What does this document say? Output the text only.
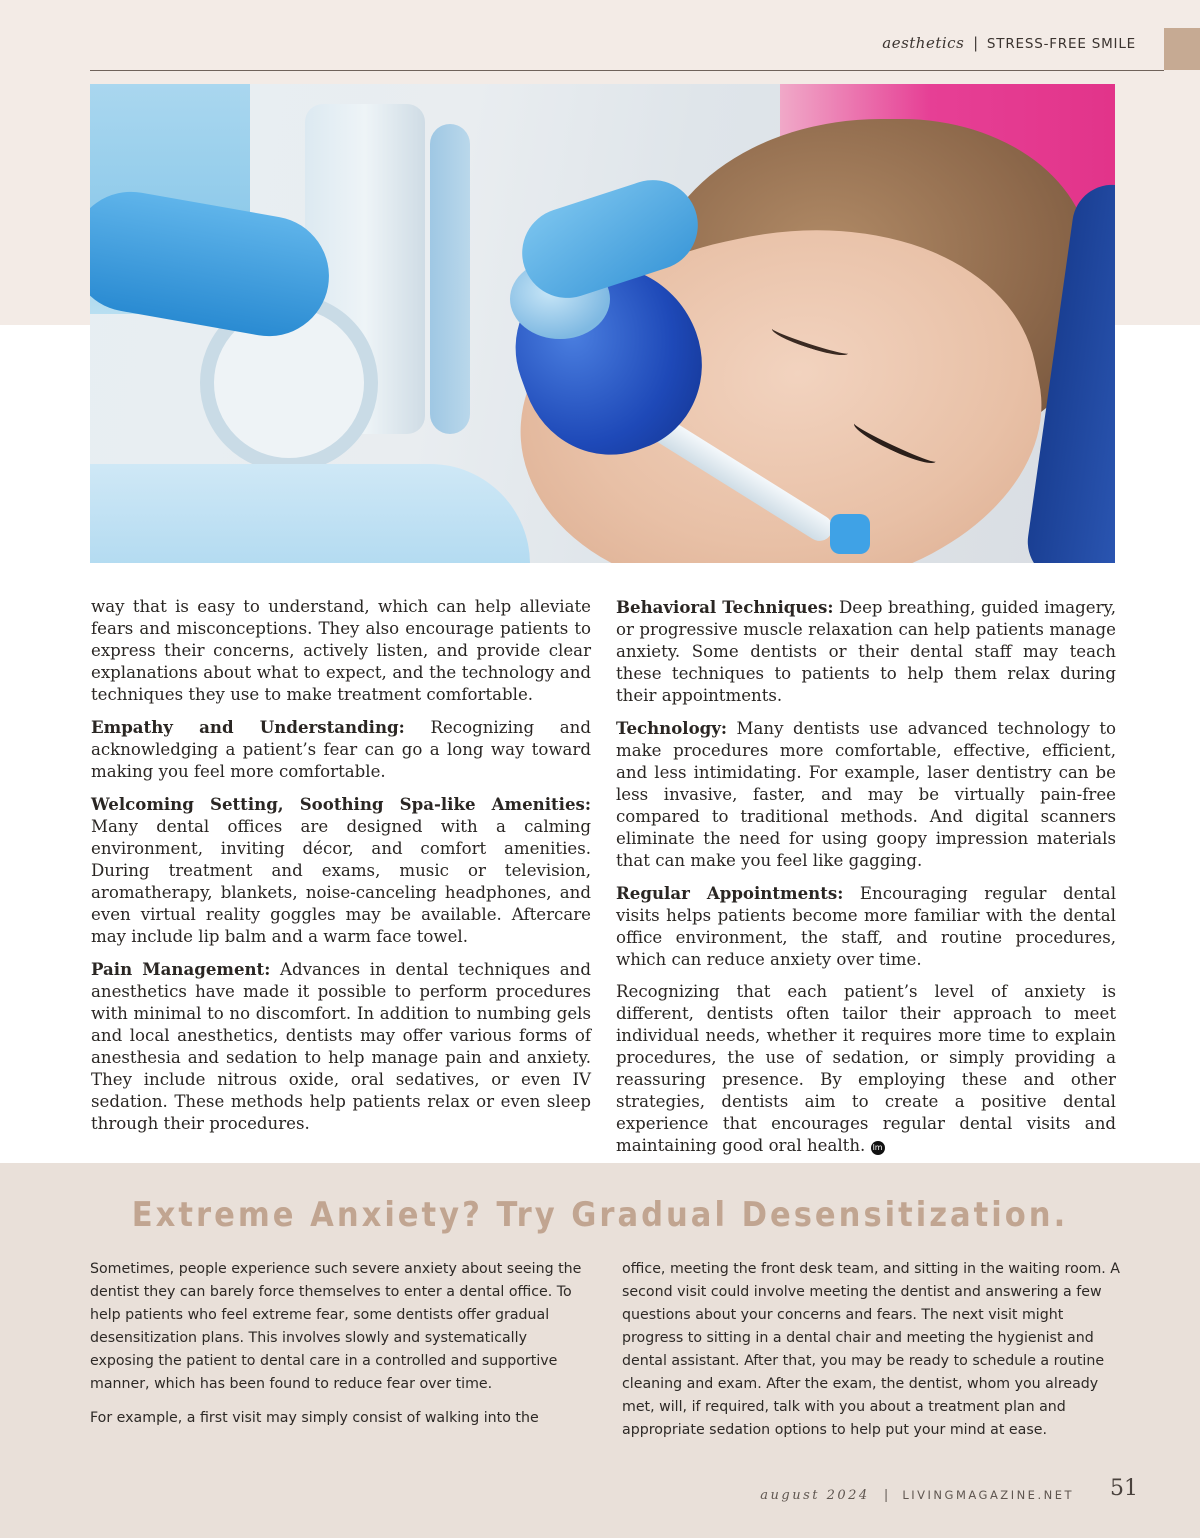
aesthetics | STRESS-FREE SMILE

way that is easy to understand, which can help alleviate fears and misconceptions. They also encourage patients to express their concerns, actively listen, and provide clear explanations about what to expect, and the technology and techniques they use to make treatment comfortable.

Empathy and Understanding: Recognizing and acknowledging a patient’s fear can go a long way toward making you feel more comfortable.

Welcoming Setting, Soothing Spa-like Amenities: Many dental offices are designed with a calming environment, inviting décor, and comfort amenities. During treatment and exams, music or television, aromatherapy, blankets, noise-canceling headphones, and even virtual reality goggles may be available. Aftercare may include lip balm and a warm face towel.

Pain Management: Advances in dental techniques and anesthetics have made it possible to perform procedures with minimal to no discomfort. In addition to numbing gels and local anesthetics, dentists may offer various forms of anesthesia and sedation to help manage pain and anxiety. They include nitrous oxide, oral sedatives, or even IV sedation. These methods help patients relax or even sleep through their procedures.

Behavioral Techniques: Deep breathing, guided imagery, or progressive muscle relaxation can help patients manage anxiety. Some dentists or their dental staff may teach these techniques to patients to help them relax during their appointments.

Technology: Many dentists use advanced technology to make procedures more comfortable, effective, efficient, and less intimidating. For example, laser dentistry can be less invasive, faster, and may be virtually pain-free compared to traditional methods. And digital scanners eliminate the need for using goopy impression materials that can make you feel like gagging.

Regular Appointments: Encouraging regular dental visits helps patients become more familiar with the dental office environment, the staff, and routine procedures, which can reduce anxiety over time.

Recognizing that each patient’s level of anxiety is different, dentists often tailor their approach to meet individual needs, whether it requires more time to explain procedures, the use of sedation, or simply providing a reassuring presence. By employing these and other strategies, dentists aim to create a positive dental experience that encourages regular dental visits and maintaining good oral health. lm

Extreme Anxiety? Try Gradual Desensitization.

Sometimes, people experience such severe anxiety about seeing the dentist they can barely force themselves to enter a dental office. To help patients who feel extreme fear, some dentists offer gradual desensitization plans. This involves slowly and systematically exposing the patient to dental care in a controlled and supportive manner, which has been found to reduce fear over time.

For example, a first visit may simply consist of walking into the

office, meeting the front desk team, and sitting in the waiting room. A second visit could involve meeting the dentist and answering a few questions about your concerns and fears. The next visit might progress to sitting in a dental chair and meeting the hygienist and dental assistant. After that, you may be ready to schedule a routine cleaning and exam. After the exam, the dentist, whom you already met, will, if required, talk with you about a treatment plan and appropriate sedation options to help put your mind at ease.

august 2024 | LIVINGMAGAZINE.NET 51
